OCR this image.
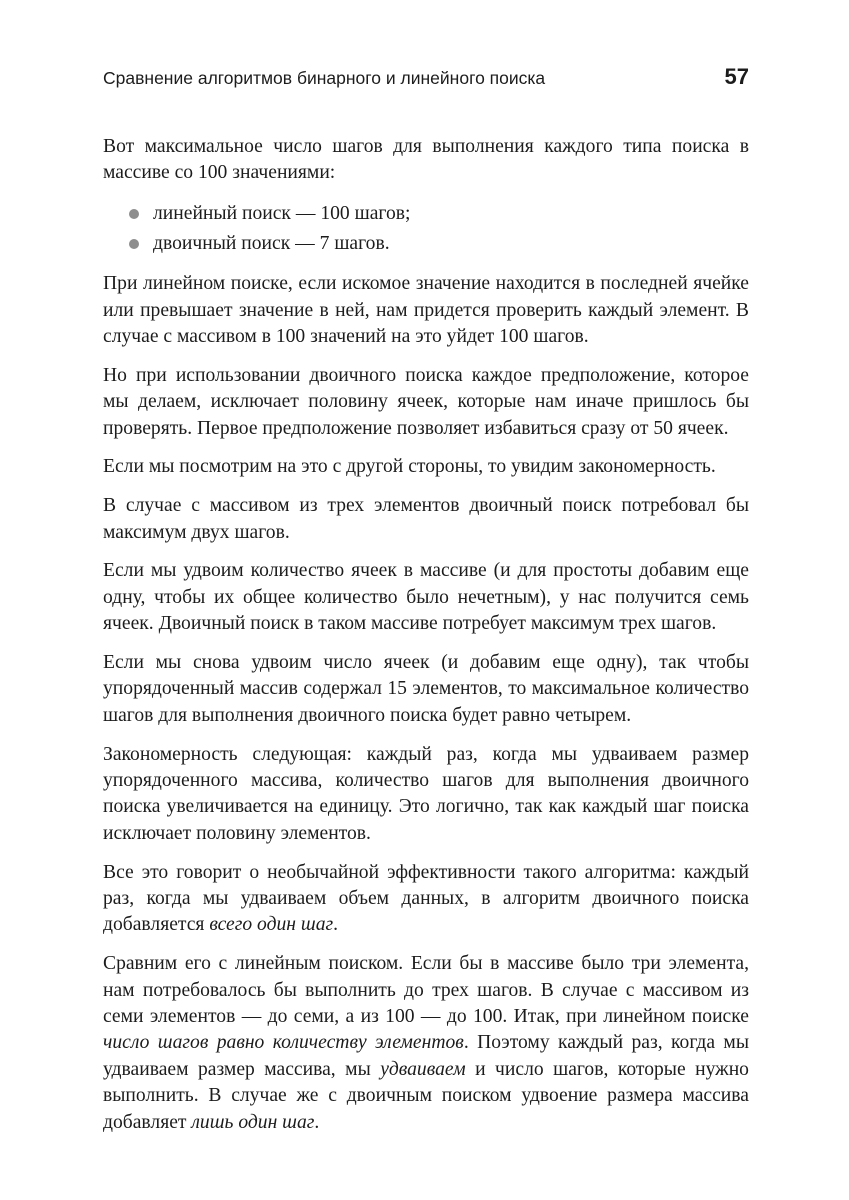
Сравнение алгоритмов бинарного и линейного поиска	57

Вот максимальное число шагов для выполнения каждого типа поиска в массиве со 100 значениями:

линейный поиск — 100 шагов;
двоичный поиск — 7 шагов.

При линейном поиске, если искомое значение находится в последней ячейке или превышает значение в ней, нам придется проверить каждый элемент. В случае с массивом в 100 значений на это уйдет 100 шагов.

Но при использовании двоичного поиска каждое предположение, которое мы делаем, исключает половину ячеек, которые нам иначе пришлось бы проверять. Первое предположение позволяет избавиться сразу от 50 ячеек.

Если мы посмотрим на это с другой стороны, то увидим закономерность.

В случае с массивом из трех элементов двоичный поиск потребовал бы максимум двух шагов.

Если мы удвоим количество ячеек в массиве (и для простоты добавим еще одну, чтобы их общее количество было нечетным), у нас получится семь ячеек. Двоичный поиск в таком массиве потребует максимум трех шагов.

Если мы снова удвоим число ячеек (и добавим еще одну), так чтобы упорядоченный массив содержал 15 элементов, то максимальное количество шагов для выполнения двоичного поиска будет равно четырем.

Закономерность следующая: каждый раз, когда мы удваиваем размер упорядоченного массива, количество шагов для выполнения двоичного поиска увеличивается на единицу. Это логично, так как каждый шаг поиска исключает половину элементов.

Все это говорит о необычайной эффективности такого алгоритма: каждый раз, когда мы удваиваем объем данных, в алгоритм двоичного поиска добавляется всего один шаг.

Сравним его с линейным поиском. Если бы в массиве было три элемента, нам потребовалось бы выполнить до трех шагов. В случае с массивом из семи элементов — до семи, а из 100 — до 100. Итак, при линейном поиске число шагов равно количеству элементов. Поэтому каждый раз, когда мы удваиваем размер массива, мы удваиваем и число шагов, которые нужно выполнить. В случае же с двоичным поиском удвоение размера массива добавляет лишь один шаг.
